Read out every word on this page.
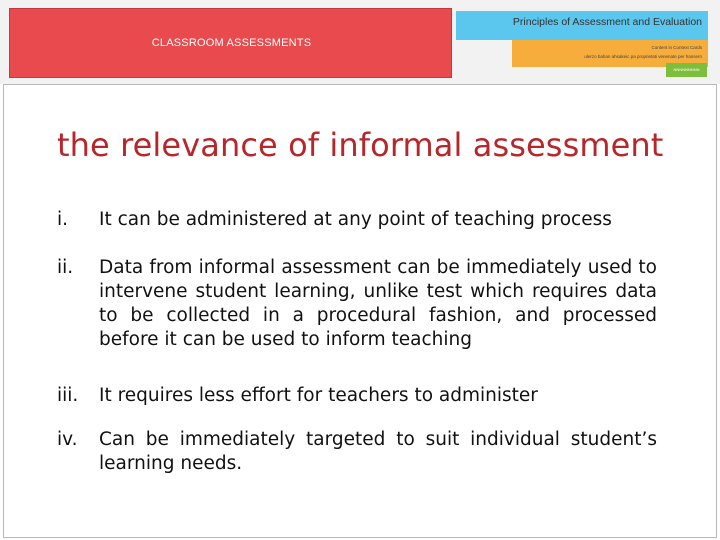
CLASSROOM ASSESSMENTS
Principles of Assessment and Evaluation
Content in Context Cards
ulerzo bahan ahsakeic pa proprietati venenate per hansern
NNNNNNNNN
the relevance of informal assessment
i.	It can be administered at any point of teaching process
ii.	Data from informal assessment can be immediately used to intervene student learning, unlike test which requires data to be collected in a procedural fashion, and processed before it can be used to inform teaching
iii.	It requires less effort for teachers to administer
iv.	Can be immediately targeted to suit individual student’s learning needs.
